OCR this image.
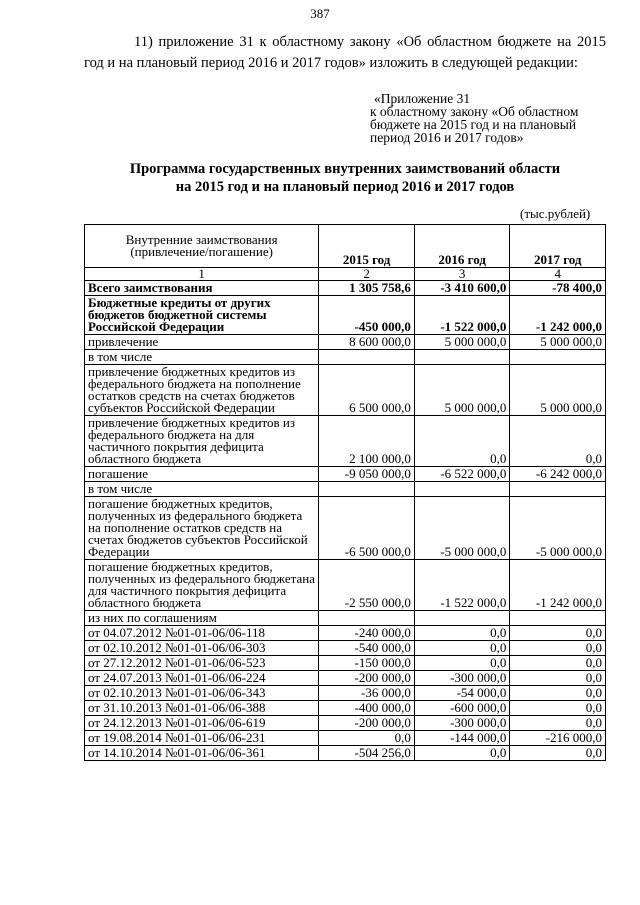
387
11) приложение 31 к областному закону «Об областном бюджете на 2015 год и на плановый период 2016 и 2017 годов» изложить в следующей редакции:
«Приложение 31
к областному закону «Об областном
бюджете на 2015 год и на плановый
период 2016 и 2017 годов»
Программа государственных внутренних заимствований области
на 2015 год и на плановый период 2016 и 2017 годов
(тыс.рублей)
Внутренние заимствования (привлечение/погашение)	2015 год	2016 год	2017 год
1	2	3	4
Всего заимствования	1 305 758,6	-3 410 600,0	-78 400,0
Бюджетные кредиты от других бюджетов бюджетной системы Российской Федерации	-450 000,0	-1 522 000,0	-1 242 000,0
привлечение	8 600 000,0	5 000 000,0	5 000 000,0
в том числе			
привлечение бюджетных кредитов из федерального бюджета на пополнение остатков средств на счетах бюджетов субъектов Российской Федерации	6 500 000,0	5 000 000,0	5 000 000,0
привлечение бюджетных кредитов из федерального бюджета на для частичного покрытия дефицита областного бюджета	2 100 000,0	0,0	0,0
погашение	-9 050 000,0	-6 522 000,0	-6 242 000,0
в том числе			
погашение бюджетных кредитов, полученных из федерального бюджета на пополнение остатков средств на счетах бюджетов субъектов Российской Федерации	-6 500 000,0	-5 000 000,0	-5 000 000,0
погашение бюджетных кредитов, полученных из федерального бюджетана для частичного покрытия дефицита областного бюджета	-2 550 000,0	-1 522 000,0	-1 242 000,0
из них по соглашениям			
от 04.07.2012 №01-01-06/06-118	-240 000,0	0,0	0,0
от 02.10.2012 №01-01-06/06-303	-540 000,0	0,0	0,0
от 27.12.2012 №01-01-06/06-523	-150 000,0	0,0	0,0
от 24.07.2013 №01-01-06/06-224	-200 000,0	-300 000,0	0,0
от 02.10.2013 №01-01-06/06-343	-36 000,0	-54 000,0	0,0
от 31.10.2013 №01-01-06/06-388	-400 000,0	-600 000,0	0,0
от 24.12.2013 №01-01-06/06-619	-200 000,0	-300 000,0	0,0
от 19.08.2014 №01-01-06/06-231	0,0	-144 000,0	-216 000,0
от 14.10.2014 №01-01-06/06-361	-504 256,0	0,0	0,0
